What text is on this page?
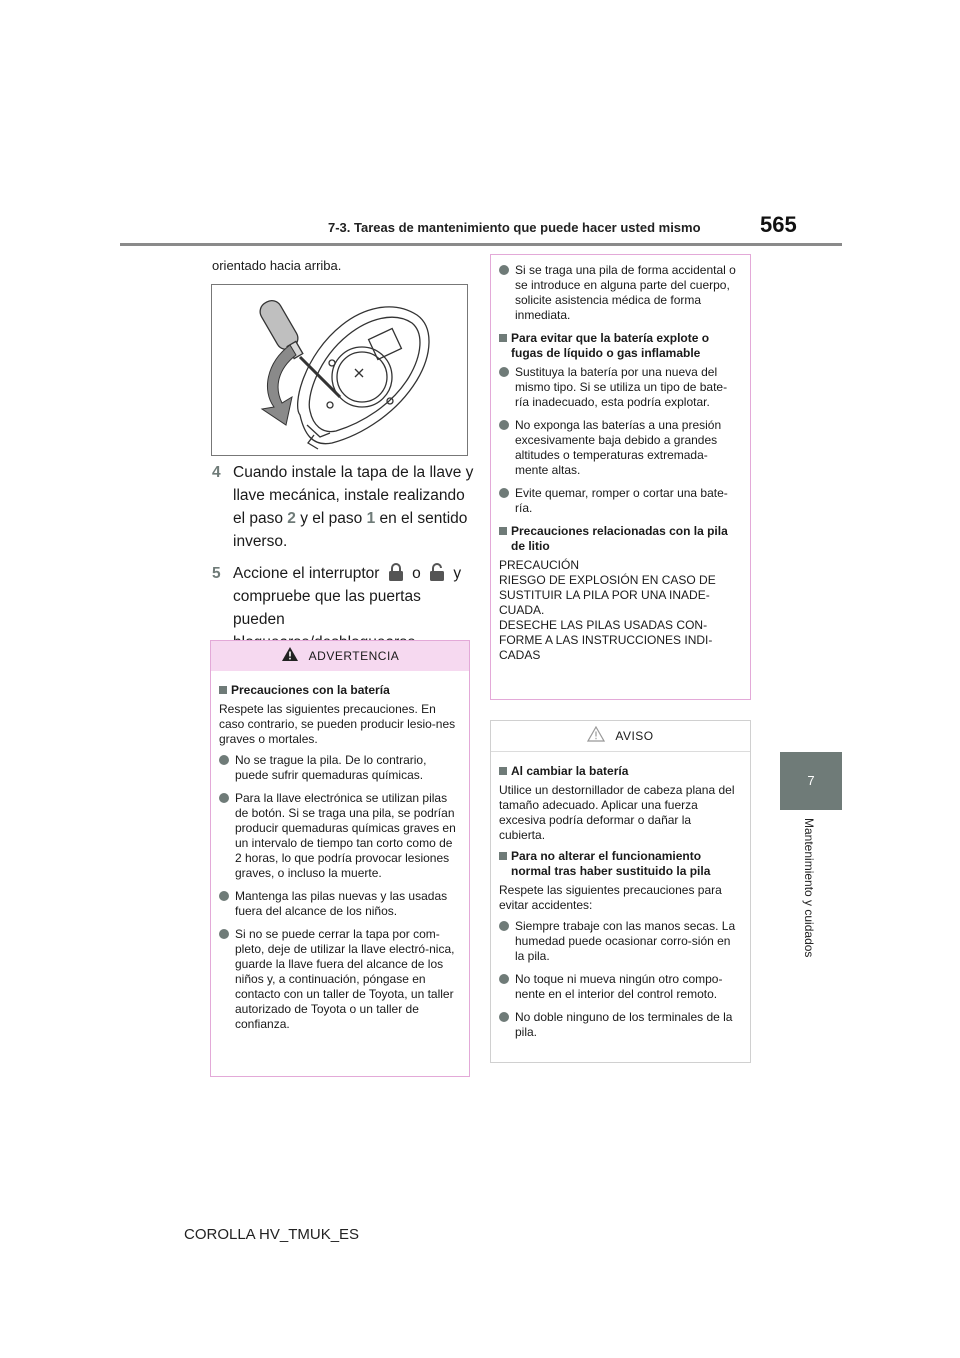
7-3. Tareas de mantenimiento que puede hacer usted mismo	565
7
Mantenimiento y cuidados
orientado hacia arriba.
4 Cuando instale la tapa de la llave y llave mecánica, instale realizando el paso 2 y el paso 1 en el sentido inverso.
5 Accione el interruptor  o  y compruebe que las puertas pueden
ADVERTENCIA
Precauciones con la batería
Respete las siguientes precauciones. En caso contrario, se pueden producir lesio-nes graves o mortales.
No se trague la pila. De lo contrario, puede sufrir quemaduras químicas.
Para la llave electrónica se utilizan pilas de botón. Si se traga una pila, se podrían producir quemaduras químicas graves en un intervalo de tiempo tan corto como de 2 horas, lo que podría provocar lesiones graves, o incluso la muerte.
Mantenga las pilas nuevas y las usadas fuera del alcance de los niños.
Si no se puede cerrar la tapa por com-pleto, deje de utilizar la llave electró-nica, guarde la llave fuera del alcance de los niños y, a continuación, póngase en contacto con un taller de Toyota, un taller autorizado de Toyota o un taller de confianza.
Si se traga una pila de forma accidental o se introduce en alguna parte del cuerpo, solicite asistencia médica de forma inmediata.
Para evitar que la batería explote o fugas de líquido o gas inflamable
Sustituya la batería por una nueva del mismo tipo. Si se utiliza un tipo de bate-ría inadecuado, esta podría explotar.
No exponga las baterías a una presión excesivamente baja debido a grandes altitudes o temperaturas extremada-mente altas.
Evite quemar, romper o cortar una bate-ría.
Precauciones relacionadas con la pila de litio
PRECAUCIÓN
RIESGO DE EXPLOSIÓN EN CASO DE SUSTITUIR LA PILA POR UNA INADE-CUADA.
DESECHE LAS PILAS USADAS CON-FORME A LAS INSTRUCCIONES INDI-CADAS
AVISO
Al cambiar la batería
Utilice un destornillador de cabeza plana del tamaño adecuado. Aplicar una fuerza excesiva podría deformar o dañar la cubierta.
Para no alterar el funcionamiento normal tras haber sustituido la pila
Respete las siguientes precauciones para evitar accidentes:
Siempre trabaje con las manos secas. La humedad puede ocasionar corro-sión en la pila.
No toque ni mueva ningún otro compo-nente en el interior del control remoto.
No doble ninguno de los terminales de la pila.
COROLLA HV_TMUK_ES
